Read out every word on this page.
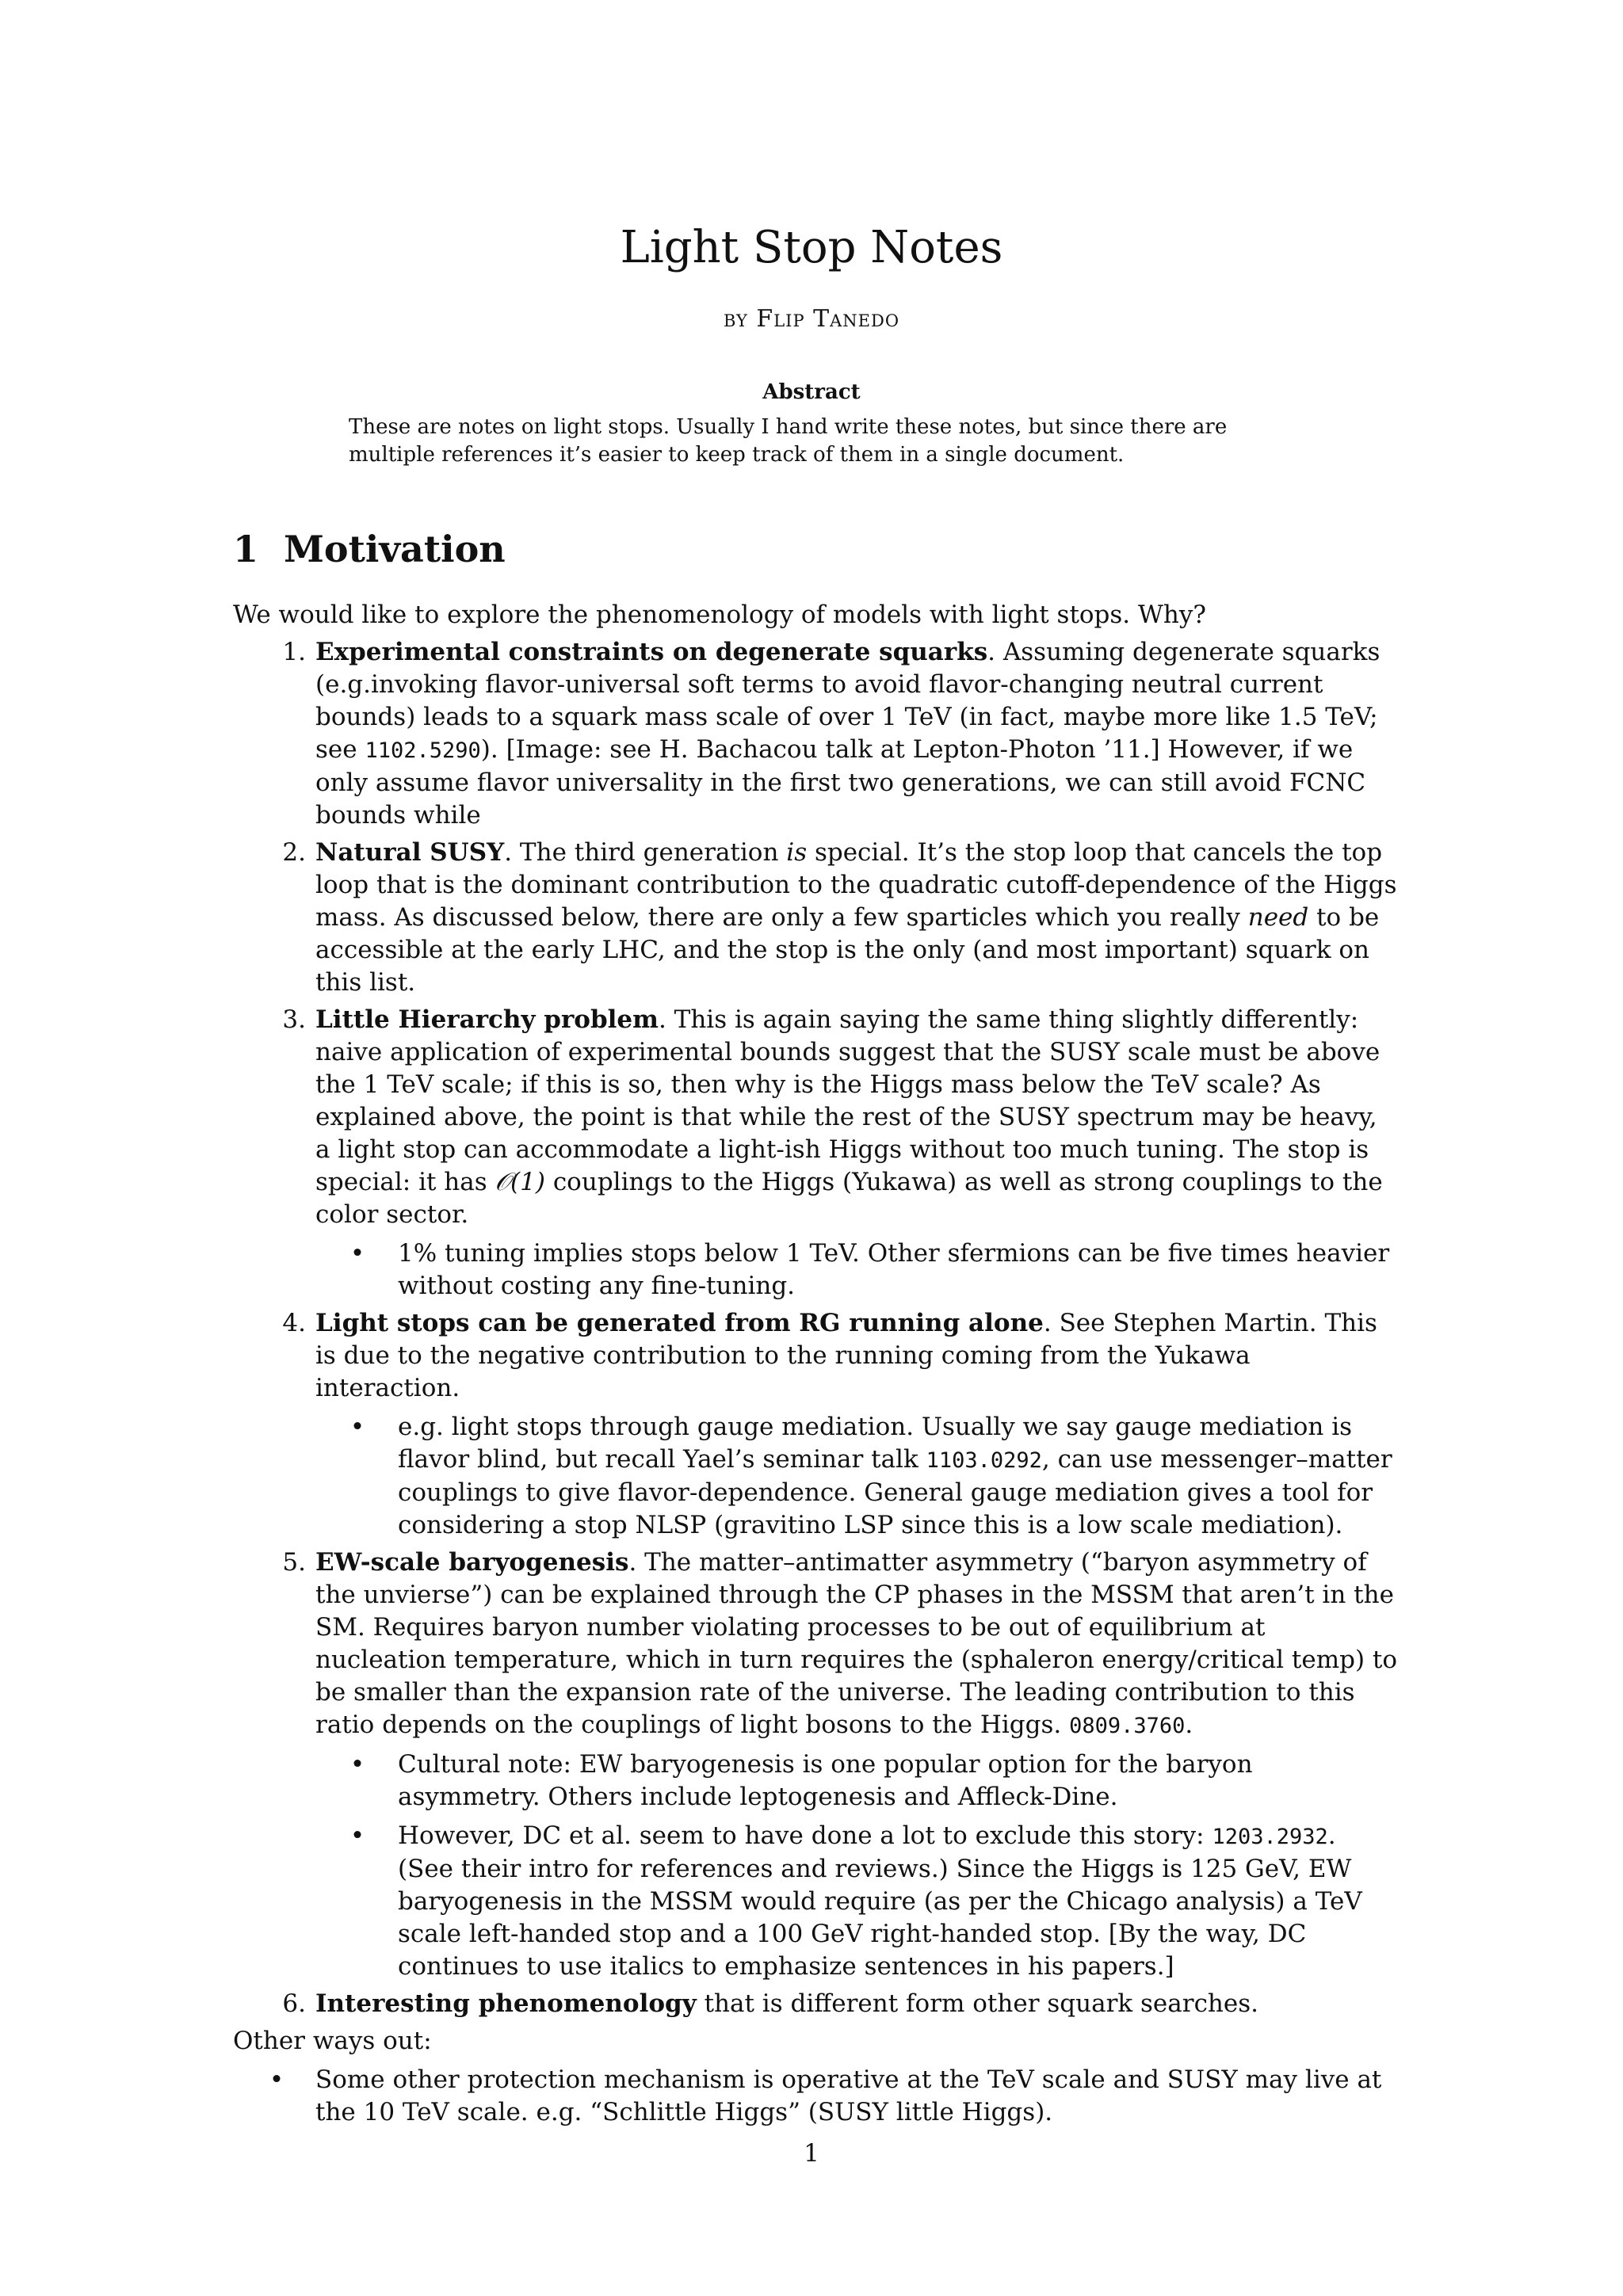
Light Stop Notes
by Flip Tanedo
Abstract
These are notes on light stops. Usually I hand write these notes, but since there are multiple references it’s easier to keep track of them in a single document.
1 Motivation

We would like to explore the phenomenology of models with light stops. Why?

1. Experimental constraints on degenerate squarks. Assuming degenerate squarks (e.g.invoking flavor-universal soft terms to avoid flavor-changing neutral current bounds) leads to a squark mass scale of over 1 TeV (in fact, maybe more like 1.5 TeV; see 1102.5290). [Image: see H. Bachacou talk at Lepton-Photon ’11.] However, if we only assume flavor universality in the first two generations, we can still avoid FCNC bounds while
2. Natural SUSY. The third generation is special. It’s the stop loop that cancels the top loop that is the dominant contribution to the quadratic cutoff-dependence of the Higgs mass. As discussed below, there are only a few sparticles which you really need to be accessible at the early LHC, and the stop is the only (and most important) squark on this list.
3. Little Hierarchy problem. This is again saying the same thing slightly differently: naive application of experimental bounds suggest that the SUSY scale must be above the 1 TeV scale; if this is so, then why is the Higgs mass below the TeV scale? As explained above, the point is that while the rest of the SUSY spectrum may be heavy, a light stop can accommodate a light-ish Higgs without too much tuning. The stop is special: it has 𝒪(1) couplings to the Higgs (Yukawa) as well as strong couplings to the color sector.
• 1% tuning implies stops below 1 TeV. Other sfermions can be five times heavier without costing any fine-tuning.
4. Light stops can be generated from RG running alone. See Stephen Martin. This is due to the negative contribution to the running coming from the Yukawa interaction.
• e.g. light stops through gauge mediation. Usually we say gauge mediation is flavor blind, but recall Yael’s seminar talk 1103.0292, can use messenger–matter couplings to give flavor-dependence. General gauge mediation gives a tool for considering a stop NLSP (gravitino LSP since this is a low scale mediation).
5. EW-scale baryogenesis. The matter–antimatter asymmetry (“baryon asymmetry of the unvierse”) can be explained through the CP phases in the MSSM that aren’t in the SM. Requires baryon number violating processes to be out of equilibrium at nucleation temperature, which in turn requires the (sphaleron energy/critical temp) to be smaller than the expansion rate of the universe. The leading contribution to this ratio depends on the couplings of light bosons to the Higgs. 0809.3760.
• Cultural note: EW baryogenesis is one popular option for the baryon asymmetry. Others include leptogenesis and Affleck-Dine.
• However, DC et al. seem to have done a lot to exclude this story: 1203.2932. (See their intro for references and reviews.) Since the Higgs is 125 GeV, EW baryogenesis in the MSSM would require (as per the Chicago analysis) a TeV scale left-handed stop and a 100 GeV right-handed stop. [By the way, DC continues to use italics to emphasize sentences in his papers.]
6. Interesting phenomenology that is different form other squark searches.

Other ways out:

• Some other protection mechanism is operative at the TeV scale and SUSY may live at the 10 TeV scale. e.g. “Schlittle Higgs” (SUSY little Higgs).
1
